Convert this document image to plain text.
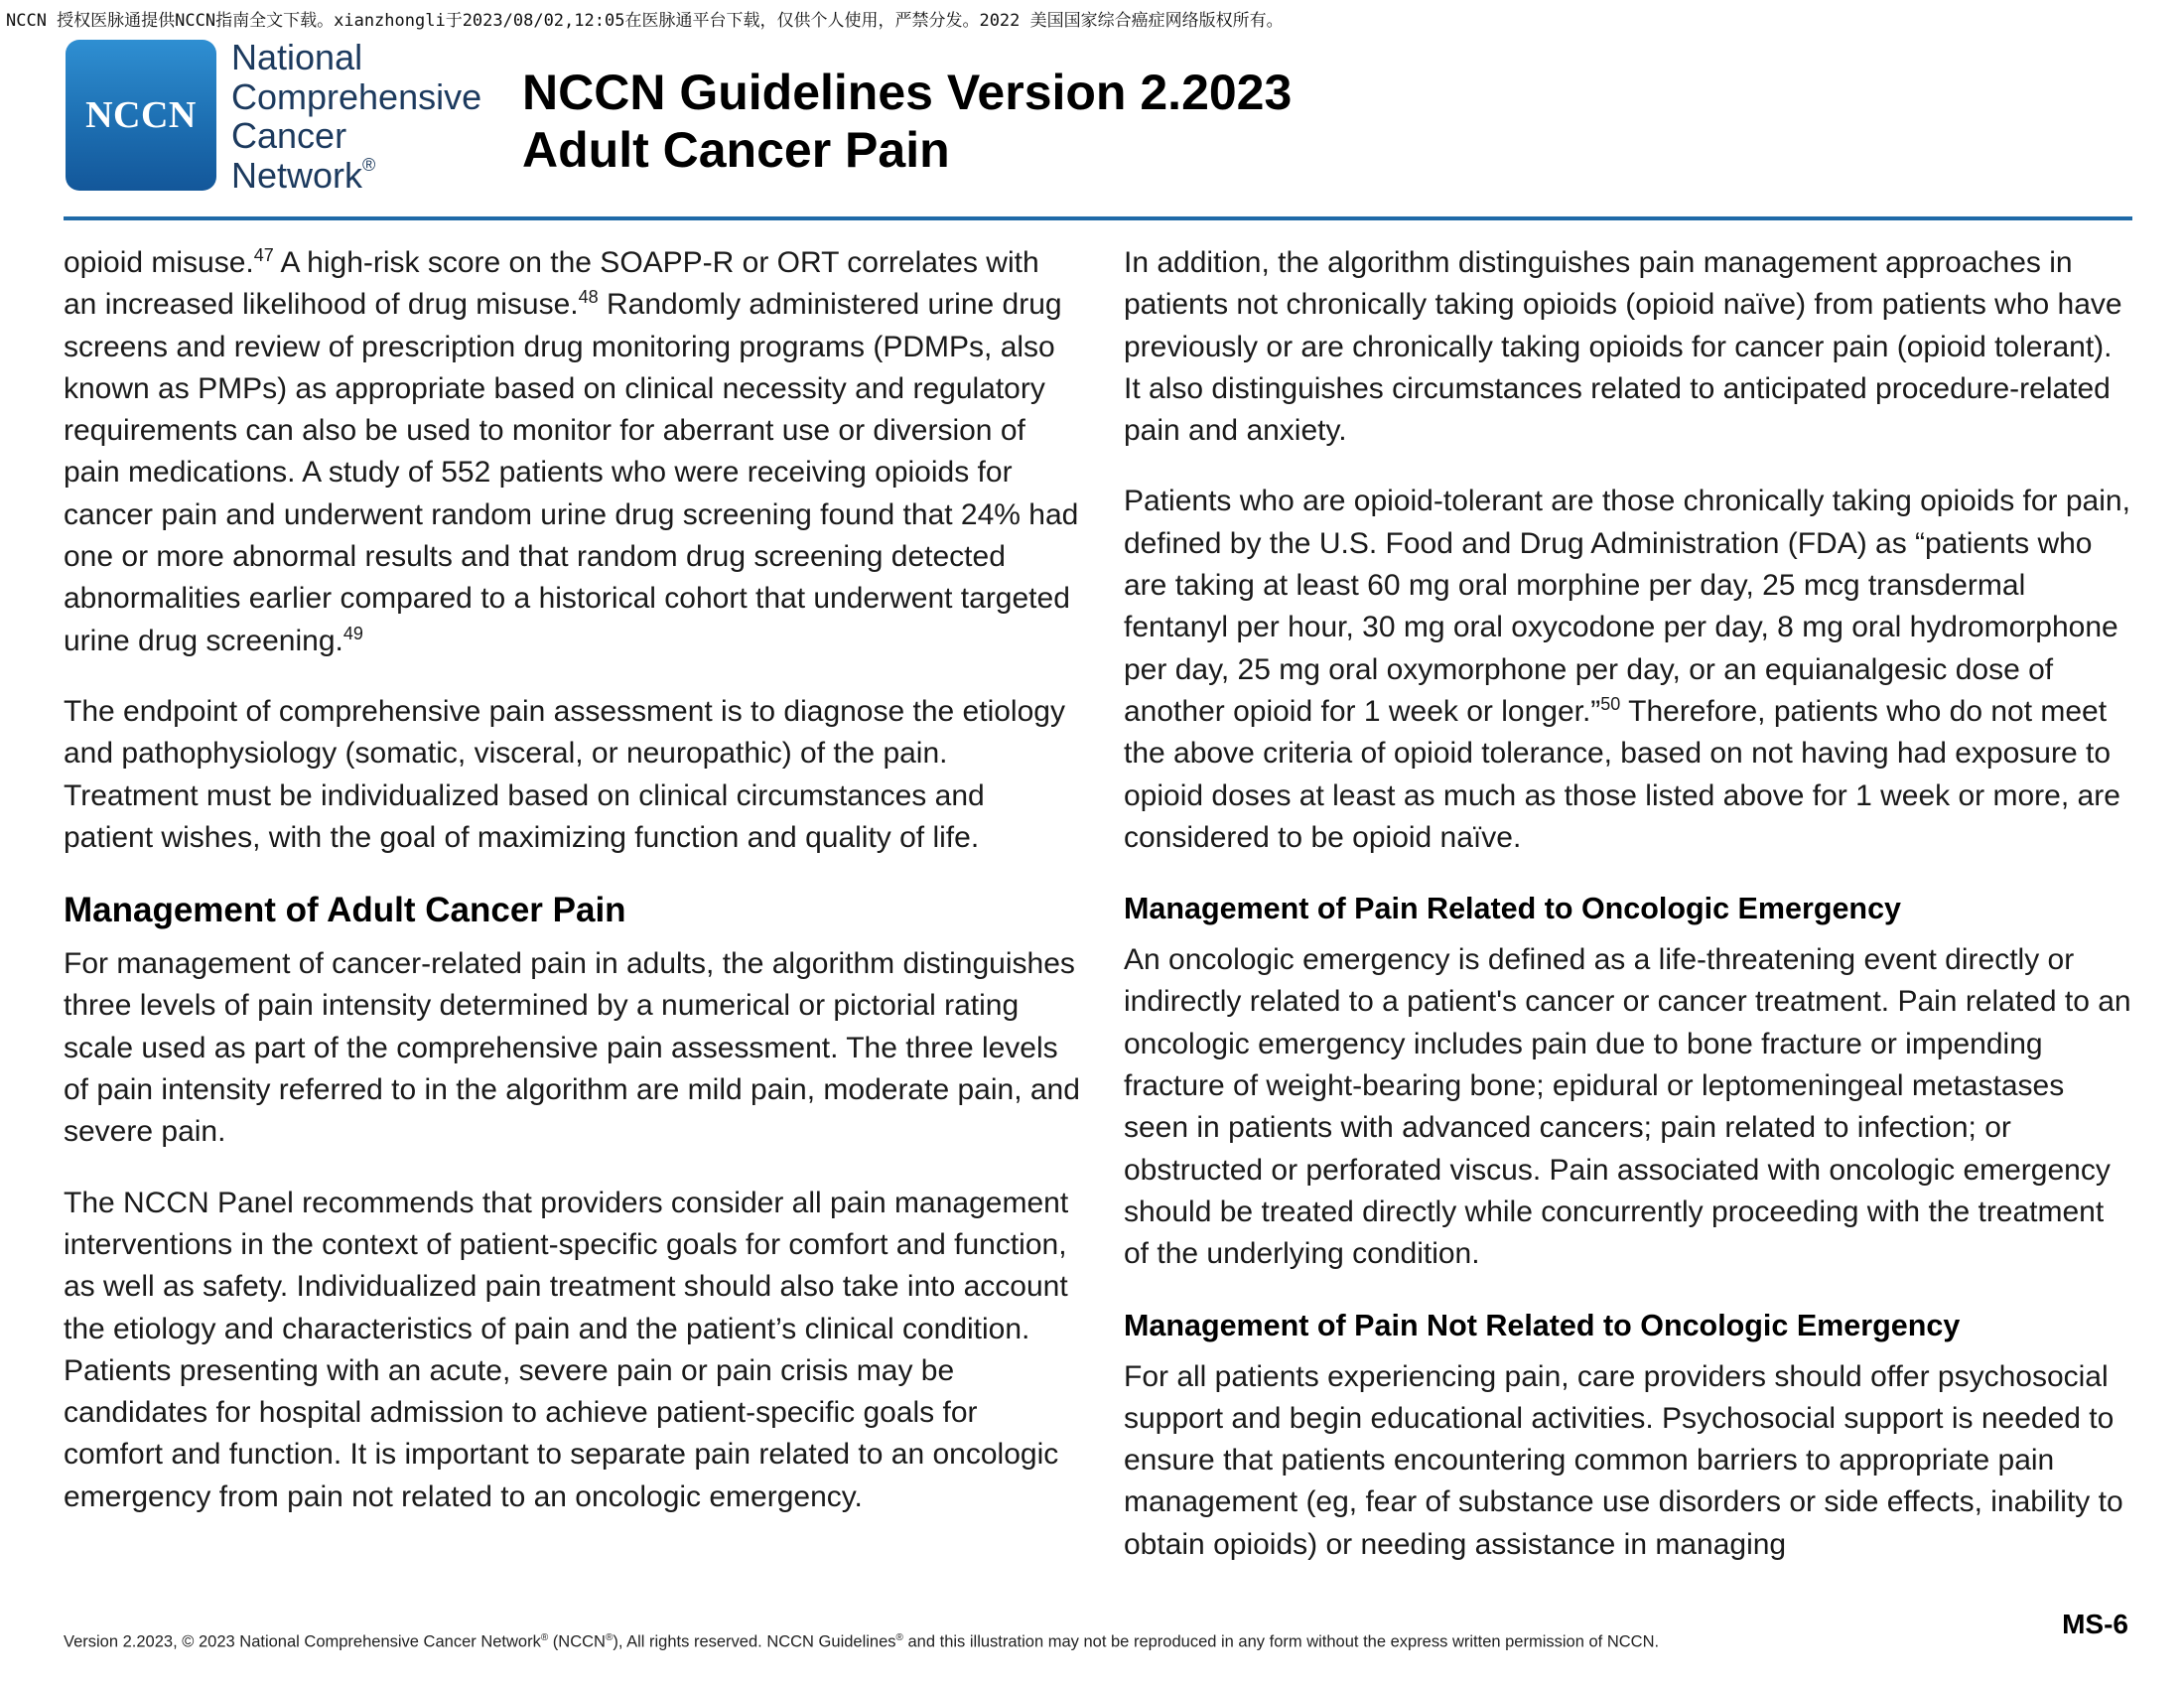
NCCN 授权医脉通提供NCCN指南全文下载。xianzhongli于2023/08/02,12:05在医脉通平台下载，仅供个人使用，严禁分发。2022 美国国家综合癌症网络版权所有。
NCCN
National
Comprehensive
Cancer
Network®
NCCN Guidelines Version 2.2023
Adult Cancer Pain

opioid misuse.$^{47}$ A high-risk score on the SOAPP-R or ORT correlates with an increased likelihood of drug misuse.$^{48}$ Randomly administered urine drug screens and review of prescription drug monitoring programs (PDMPs, also known as PMPs) as appropriate based on clinical necessity and regulatory requirements can also be used to monitor for aberrant use or diversion of pain medications. A study of 552 patients who were receiving opioids for cancer pain and underwent random urine drug screening found that 24% had one or more abnormal results and that random drug screening detected abnormalities earlier compared to a historical cohort that underwent targeted urine drug screening.$^{49}$

The endpoint of comprehensive pain assessment is to diagnose the etiology and pathophysiology (somatic, visceral, or neuropathic) of the pain. Treatment must be individualized based on clinical circumstances and patient wishes, with the goal of maximizing function and quality of life.

Management of Adult Cancer Pain

For management of cancer-related pain in adults, the algorithm distinguishes three levels of pain intensity determined by a numerical or pictorial rating scale used as part of the comprehensive pain assessment. The three levels of pain intensity referred to in the algorithm are mild pain, moderate pain, and severe pain.

The NCCN Panel recommends that providers consider all pain management interventions in the context of patient-specific goals for comfort and function, as well as safety. Individualized pain treatment should also take into account the etiology and characteristics of pain and the patient’s clinical condition. Patients presenting with an acute, severe pain or pain crisis may be candidates for hospital admission to achieve patient-specific goals for comfort and function. It is important to separate pain related to an oncologic emergency from pain not related to an oncologic emergency.

In addition, the algorithm distinguishes pain management approaches in patients not chronically taking opioids (opioid naïve) from patients who have previously or are chronically taking opioids for cancer pain (opioid tolerant). It also distinguishes circumstances related to anticipated procedure-related pain and anxiety.

Patients who are opioid-tolerant are those chronically taking opioids for pain, defined by the U.S. Food and Drug Administration (FDA) as “patients who are taking at least 60 mg oral morphine per day, 25 mcg transdermal fentanyl per hour, 30 mg oral oxycodone per day, 8 mg oral hydromorphone per day, 25 mg oral oxymorphone per day, or an equianalgesic dose of another opioid for 1 week or longer.”$^{50}$ Therefore, patients who do not meet the above criteria of opioid tolerance, based on not having had exposure to opioid doses at least as much as those listed above for 1 week or more, are considered to be opioid naïve.

Management of Pain Related to Oncologic Emergency

An oncologic emergency is defined as a life-threatening event directly or indirectly related to a patient's cancer or cancer treatment. Pain related to an oncologic emergency includes pain due to bone fracture or impending fracture of weight-bearing bone; epidural or leptomeningeal metastases seen in patients with advanced cancers; pain related to infection; or obstructed or perforated viscus. Pain associated with oncologic emergency should be treated directly while concurrently proceeding with the treatment of the underlying condition.

Management of Pain Not Related to Oncologic Emergency

For all patients experiencing pain, care providers should offer psychosocial support and begin educational activities. Psychosocial support is needed to ensure that patients encountering common barriers to appropriate pain management (eg, fear of substance use disorders or side effects, inability to obtain opioids) or needing assistance in managing

Version 2.2023, © 2023 National Comprehensive Cancer Network® (NCCN®), All rights reserved. NCCN Guidelines® and this illustration may not be reproduced in any form without the express written permission of NCCN.
MS-6
